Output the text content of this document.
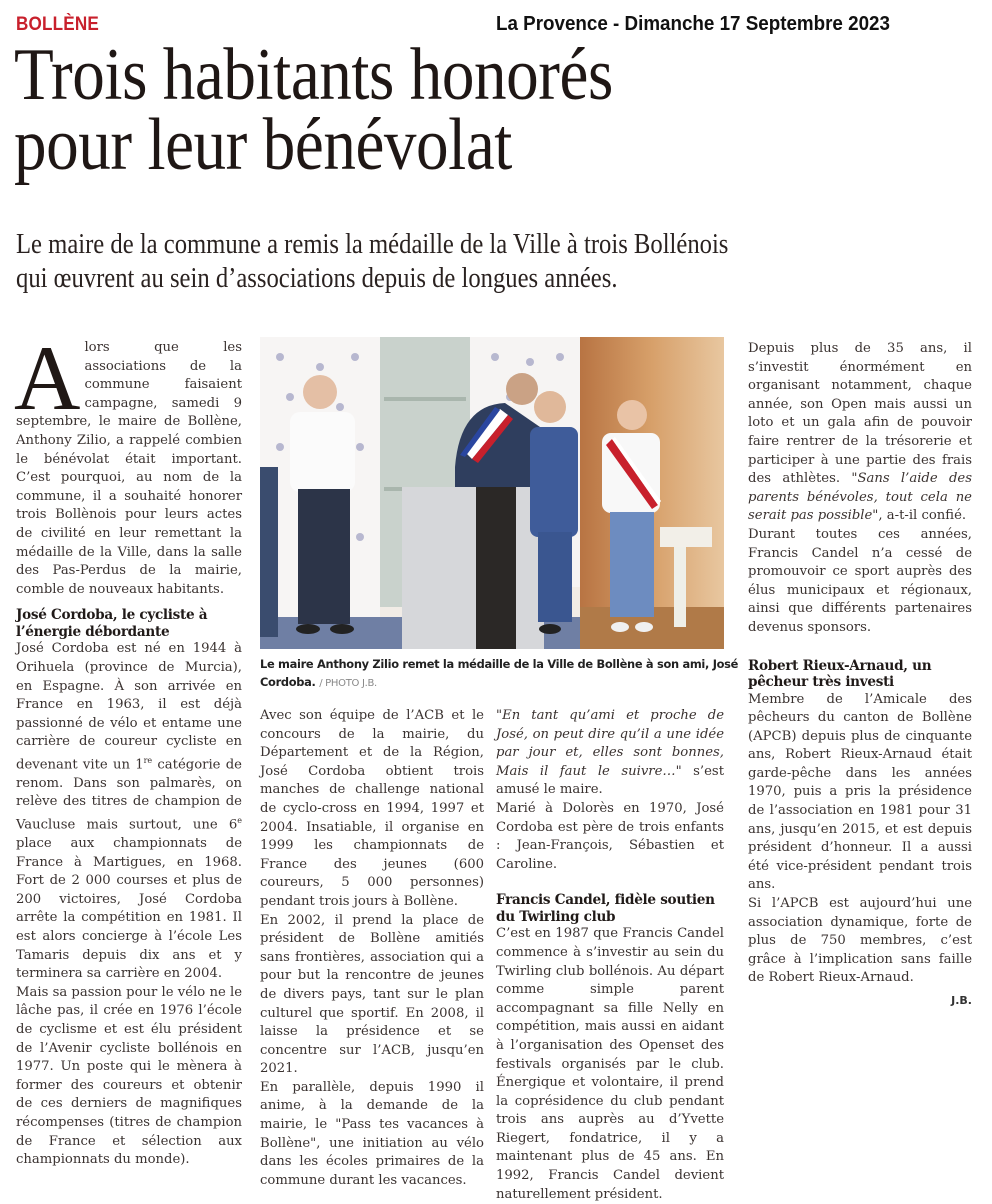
BOLLÈNE	La Provence - Dimanche 17 Septembre 2023
Trois habitants honorés
pour leur bénévolat
Le maire de la commune a remis la médaille de la Ville à trois Bollénois
qui œuvrent au sein d’associations depuis de longues années.
Le maire Anthony Zilio remet la médaille de la Ville de Bollène à son ami, José Cordoba. / PHOTO J.B.

Alors que les associations de la commune faisaient campagne, samedi 9 septembre, le maire de Bollène, Anthony Zilio, a rappelé combien le bénévolat était important. C’est pourquoi, au nom de la commune, il a souhaité honorer trois Bollènois pour leurs actes de civilité en leur remettant la médaille de la Ville, dans la salle des Pas-Perdus de la mairie, comble de nouveaux habitants.

José Cordoba, le cycliste à l’énergie débordante

José Cordoba est né en 1944 à Orihuela (province de Murcia), en Espagne. À son arrivée en France en 1963, il est déjà passionné de vélo et entame une carrière de coureur cycliste en devenant vite un 1re catégorie de renom. Dans son palmarès, on relève des titres de champion de Vaucluse mais surtout, une 6e place aux championnats de France à Martigues, en 1968. Fort de 2 000 courses et plus de 200 victoires, José Cordoba arrête la compétition en 1981. Il est alors concierge à l’école Les Tamaris depuis dix ans et y terminera sa carrière en 2004.

Mais sa passion pour le vélo ne le lâche pas, il crée en 1976 l’école de cyclisme et est élu président de l’Avenir cycliste bollénois en 1977. Un poste qui le mènera à former des coureurs et obtenir de ces derniers de magnifiques récompenses (titres de champion de France et sélection aux championnats du monde).

Avec son équipe de l’ACB et le concours de la mairie, du Département et de la Région, José Cordoba obtient trois manches de challenge national de cyclo-cross en 1994, 1997 et 2004. Insatiable, il organise en 1999 les championnats de France des jeunes (600 coureurs, 5 000 personnes) pendant trois jours à Bollène.

En 2002, il prend la place de président de Bollène amitiés sans frontières, association qui a pour but la rencontre de jeunes de divers pays, tant sur le plan culturel que sportif. En 2008, il laisse la présidence et se concentre sur l’ACB, jusqu’en 2021.

En parallèle, depuis 1990 il anime, à la demande de la mairie, le "Pass tes vacances à Bollène", une initiation au vélo dans les écoles primaires de la commune durant les vacances.

"En tant qu’ami et proche de José, on peut dire qu’il a une idée par jour et, elles sont bonnes, Mais il faut le suivre…" s’est amusé le maire.

Marié à Dolorès en 1970, José Cordoba est père de trois enfants : Jean-François, Sébastien et Caroline.

Francis Candel, fidèle soutien du Twirling club

C’est en 1987 que Francis Candel commence à s’investir au sein du Twirling club bollénois. Au départ comme simple parent accompagnant sa fille Nelly en compétition, mais aussi en aidant à l’organisation des Openset des festivals organisés par le club. Énergique et volontaire, il prend la coprésidence du club pendant trois ans auprès au d’Yvette Riegert, fondatrice, il y a maintenant plus de 45 ans. En 1992, Francis Candel devient naturellement président.

Depuis plus de 35 ans, il s’investit énormément en organisant notamment, chaque année, son Open mais aussi un loto et un gala afin de pouvoir faire rentrer de la trésorerie et participer à une partie des frais des athlètes.

"Sans l’aide des parents bénévoles, tout cela ne serait pas possible", a-t-il confié.

Durant toutes ces années, Francis Candel n’a cessé de promouvoir ce sport auprès des élus municipaux et régionaux, ainsi que différents partenaires devenus sponsors.

Robert Rieux-Arnaud, un pêcheur très investi

Membre de l’Amicale des pêcheurs du canton de Bollène (APCB) depuis plus de cinquante ans, Robert Rieux-Arnaud était garde-pêche dans les années 1970, puis a pris la présidence de l’association en 1981 pour 31 ans, jusqu’en 2015, et est depuis président d’honneur. Il a aussi été vice-président pendant trois ans.

Si l’APCB est aujourd’hui une association dynamique, forte de plus de 750 membres, c’est grâce à l’implication sans faille de Robert Rieux-Arnaud.

J.B.
